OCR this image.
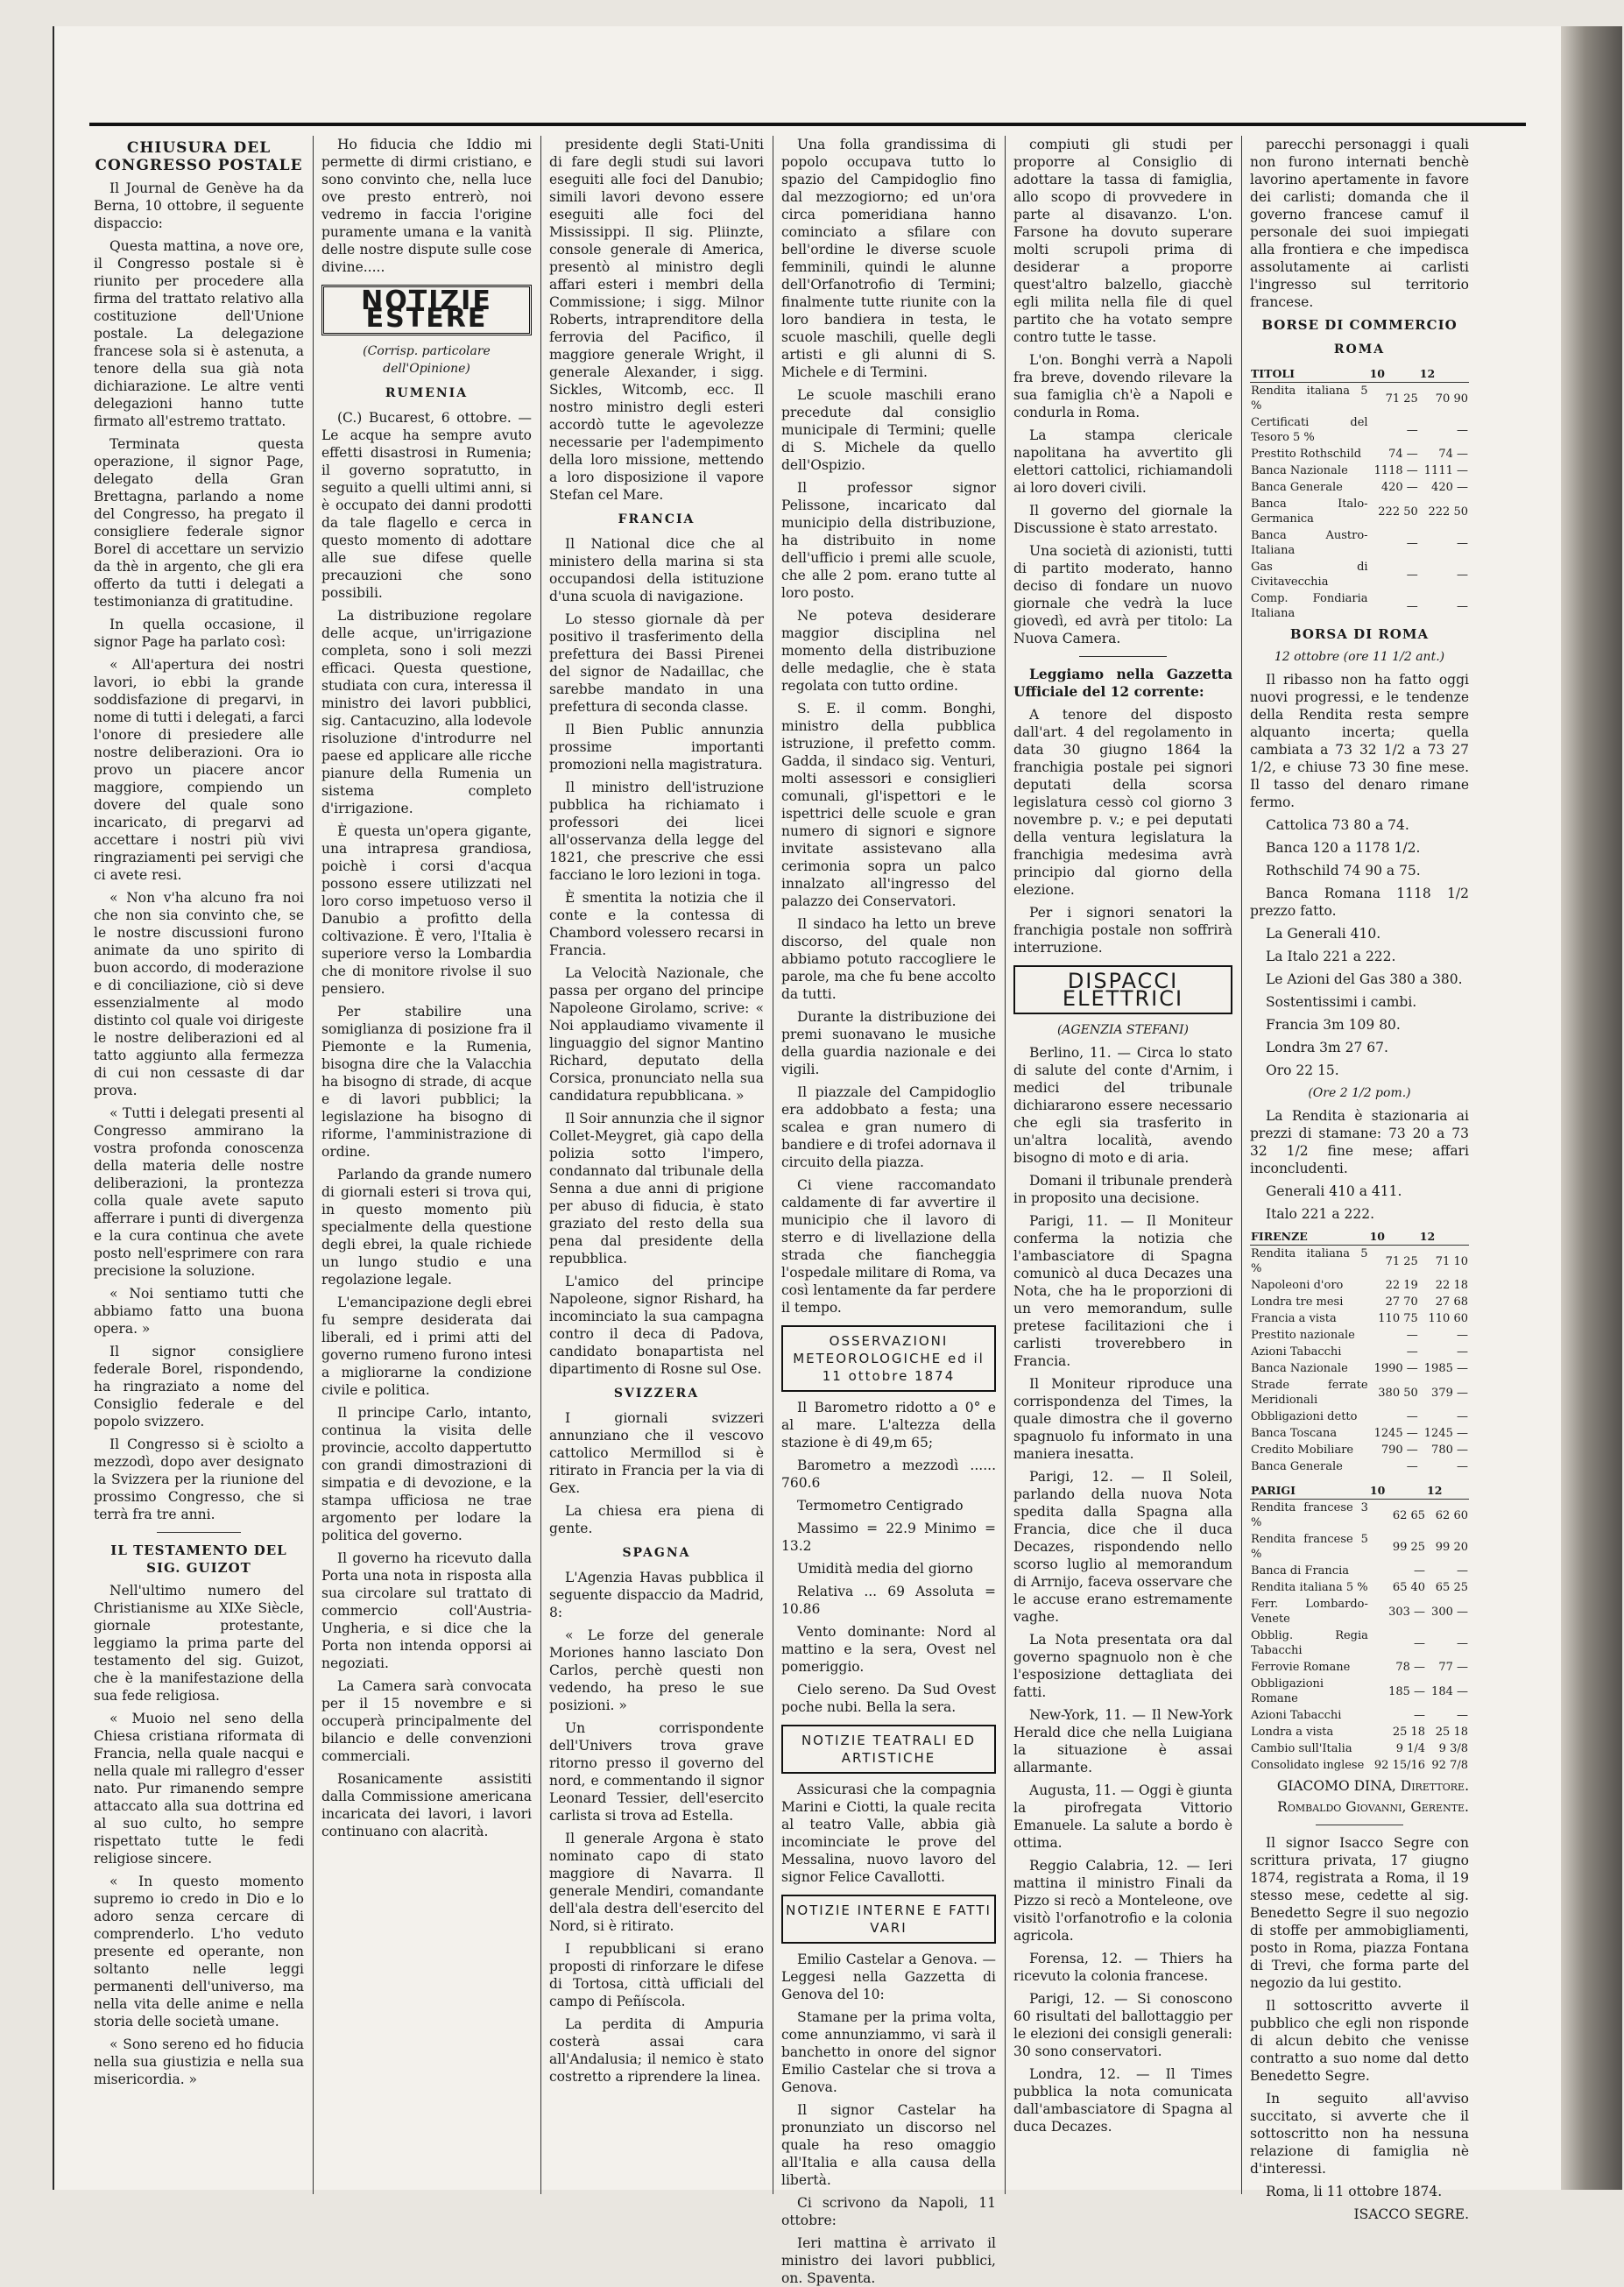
CHIUSURA DEL CONGRESSO POSTALE

Il Journal de Genève ha da Berna, 10 ottobre, il seguente dispaccio:

Questa mattina, a nove ore, il Congresso postale si è riunito per procedere alla firma del trattato relativo alla costituzione dell'Unione postale. La delegazione francese sola si è astenuta, a tenore della sua già nota dichiarazione. Le altre venti delegazioni hanno tutte firmato all'estremo trattato.

Terminata questa operazione, il signor Page, delegato della Gran Brettagna, parlando a nome del Congresso, ha pregato il consigliere federale signor Borel di accettare un servizio da thè in argento, che gli era offerto da tutti i delegati a testimonianza di gratitudine.

In quella occasione, il signor Page ha parlato così:

« All'apertura dei nostri lavori, io ebbi la grande soddisfazione di pregarvi, in nome di tutti i delegati, a farci l'onore di presiedere alle nostre deliberazioni. Ora io provo un piacere ancor maggiore, compiendo un dovere del quale sono incaricato, di pregarvi ad accettare i nostri più vivi ringraziamenti pei servigi che ci avete resi.

« Non v'ha alcuno fra noi che non sia convinto che, se le nostre discussioni furono animate da uno spirito di buon accordo, di moderazione e di conciliazione, ciò si deve essenzialmente al modo distinto col quale voi dirigeste le nostre deliberazioni ed al tatto aggiunto alla fermezza di cui non cessaste di dar prova.

« Tutti i delegati presenti al Congresso ammirano la vostra profonda conoscenza della materia delle nostre deliberazioni, la prontezza colla quale avete saputo afferrare i punti di divergenza e la cura continua che avete posto nell'esprimere con rara precisione la soluzione.

« Noi sentiamo tutti che abbiamo fatto una buona opera. »

Il signor consigliere federale Borel, rispondendo, ha ringraziato a nome del Consiglio federale e del popolo svizzero.

Il Congresso si è sciolto a mezzodì, dopo aver designato la Svizzera per la riunione del prossimo Congresso, che si terrà fra tre anni.

IL TESTAMENTO DEL SIG. GUIZOT

Nell'ultimo numero del Christianisme au XIXe Siècle, giornale protestante, leggiamo la prima parte del testamento del sig. Guizot, che è la manifestazione della sua fede religiosa.

« Muoio nel seno della Chiesa cristiana riformata di Francia, nella quale nacqui e nella quale mi rallegro d'esser nato. Pur rimanendo sempre attaccato alla sua dottrina ed al suo culto, ho sempre rispettato tutte le fedi religiose sincere.

« In questo momento supremo io credo in Dio e lo adoro senza cercare di comprenderlo. L'ho veduto presente ed operante, non soltanto nelle leggi permanenti dell'universo, ma nella vita delle anime e nella storia delle società umane.

« Sono sereno ed ho fiducia nella sua giustizia e nella sua misericordia. »

Ho fiducia che Iddio mi permette di dirmi cristiano, e sono convinto che, nella luce ove presto entrerò, noi vedremo in faccia l'origine puramente umana e la vanità delle nostre dispute sulle cose divine.....

NOTIZIE ESTERE
(Corrisp. particolare dell'Opinione)
RUMENIA

(C.) Bucarest, 6 ottobre. — Le acque ha sempre avuto effetti disastrosi in Rumenia; il governo sopratutto, in seguito a quelli ultimi anni, si è occupato dei danni prodotti da tale flagello e cerca in questo momento di adottare alle sue difese quelle precauzioni che sono possibili.

La distribuzione regolare delle acque, un'irrigazione completa, sono i soli mezzi efficaci. Questa questione, studiata con cura, interessa il ministro dei lavori pubblici, sig. Cantacuzino, alla lodevole risoluzione d'introdurre nel paese ed applicare alle ricche pianure della Rumenia un sistema completo d'irrigazione.

È questa un'opera gigante, una intrapresa grandiosa, poichè i corsi d'acqua possono essere utilizzati nel loro corso impetuoso verso il Danubio a profitto della coltivazione. È vero, l'Italia è superiore verso la Lombardia che di monitore rivolse il suo pensiero.

Per stabilire una somiglianza di posizione fra il Piemonte e la Rumenia, bisogna dire che la Valacchia ha bisogno di strade, di acque e di lavori pubblici; la legislazione ha bisogno di riforme, l'amministrazione di ordine.

Parlando da grande numero di giornali esteri si trova qui, in questo momento più specialmente della questione degli ebrei, la quale richiede un lungo studio e una regolazione legale.

L'emancipazione degli ebrei fu sempre desiderata dai liberali, ed i primi atti del governo rumeno furono intesi a migliorarne la condizione civile e politica.

Il principe Carlo, intanto, continua la visita delle provincie, accolto dappertutto con grandi dimostrazioni di simpatia e di devozione, e la stampa ufficiosa ne trae argomento per lodare la politica del governo.

Il governo ha ricevuto dalla Porta una nota in risposta alla sua circolare sul trattato di commercio coll'Austria-Ungheria, e si dice che la Porta non intenda opporsi ai negoziati.

La Camera sarà convocata per il 15 novembre e si occuperà principalmente del bilancio e delle convenzioni commerciali.

Rosanicamente assistiti dalla Commissione americana incaricata dei lavori, i lavori continuano con alacrità.

presidente degli Stati-Uniti di fare degli studi sui lavori eseguiti alle foci del Danubio; simili lavori devono essere eseguiti alle foci del Mississippi. Il sig. Pliinzte, console generale di America, presentò al ministro degli affari esteri i membri della Commissione; i sigg. Milnor Roberts, intraprenditore della ferrovia del Pacifico, il maggiore generale Wright, il generale Alexander, i sigg. Sickles, Witcomb, ecc. Il nostro ministro degli esteri accordò tutte le agevolezze necessarie per l'adempimento della loro missione, mettendo a loro disposizione il vapore Stefan cel Mare.

FRANCIA

Il National dice che al ministero della marina si sta occupandosi della istituzione d'una scuola di navigazione.

Lo stesso giornale dà per positivo il trasferimento della prefettura dei Bassi Pirenei del signor de Nadaillac, che sarebbe mandato in una prefettura di seconda classe.

Il Bien Public annunzia prossime importanti promozioni nella magistratura.

Il ministro dell'istruzione pubblica ha richiamato i professori dei licei all'osservanza della legge del 1821, che prescrive che essi facciano le loro lezioni in toga.

È smentita la notizia che il conte e la contessa di Chambord volessero recarsi in Francia.

La Velocità Nazionale, che passa per organo del principe Napoleone Girolamo, scrive: « Noi applaudiamo vivamente il linguaggio del signor Mantino Richard, deputato della Corsica, pronunciato nella sua candidatura repubblicana. »

Il Soir annunzia che il signor Collet-Meygret, già capo della polizia sotto l'impero, condannato dal tribunale della Senna a due anni di prigione per abuso di fiducia, è stato graziato del resto della sua pena dal presidente della repubblica.

L'amico del principe Napoleone, signor Rishard, ha incominciato la sua campagna contro il deca di Padova, candidato bonapartista nel dipartimento di Rosne sul Ose.

SVIZZERA

I giornali svizzeri annunziano che il vescovo cattolico Mermillod si è ritirato in Francia per la via di Gex.

La chiesa era piena di gente.

SPAGNA

L'Agenzia Havas pubblica il seguente dispaccio da Madrid, 8:

« Le forze del generale Moriones hanno lasciato Don Carlos, perchè questi non vedendo, ha preso le sue posizioni. »

Un corrispondente dell'Univers trova grave ritorno presso il governo del nord, e commentando il signor Leonard Tessier, dell'esercito carlista si trova ad Estella.

Il generale Argona è stato nominato capo di stato maggiore di Navarra. Il generale Mendiri, comandante dell'ala destra dell'esercito del Nord, si è ritirato.

I repubblicani si erano proposti di rinforzare le difese di Tortosa, città ufficiali del campo di Peñíscola.

La perdita di Ampuria costerà assai cara all'Andalusia; il nemico è stato costretto a riprendere la linea.

Una folla grandissima di popolo occupava tutto lo spazio del Campidoglio fino dal mezzogiorno; ed un'ora circa pomeridiana hanno cominciato a sfilare con bell'ordine le diverse scuole femminili, quindi le alunne dell'Orfanotrofio di Termini; finalmente tutte riunite con la loro bandiera in testa, le scuole maschili, quelle degli artisti e gli alunni di S. Michele e di Termini.

Le scuole maschili erano precedute dal consiglio municipale di Termini; quelle di S. Michele da quello dell'Ospizio.

Il professor signor Pelissone, incaricato dal municipio della distribuzione, ha distribuito in nome dell'ufficio i premi alle scuole, che alle 2 pom. erano tutte al loro posto.

Ne poteva desiderare maggior disciplina nel momento della distribuzione delle medaglie, che è stata regolata con tutto ordine.

S. E. il comm. Bonghi, ministro della pubblica istruzione, il prefetto comm. Gadda, il sindaco sig. Venturi, molti assessori e consiglieri comunali, gl'ispettori e le ispettrici delle scuole e gran numero di signori e signore invitate assistevano alla cerimonia sopra un palco innalzato all'ingresso del palazzo dei Conservatori.

Il sindaco ha letto un breve discorso, del quale non abbiamo potuto raccogliere le parole, ma che fu bene accolto da tutti.

Durante la distribuzione dei premi suonavano le musiche della guardia nazionale e dei vigili.

Il piazzale del Campidoglio era addobbato a festa; una scalea e gran numero di bandiere e di trofei adornava il circuito della piazza.

Ci viene raccomandato caldamente di far avvertire il municipio che il lavoro di sterro e di livellazione della strada che fiancheggia l'ospedale militare di Roma, va così lentamente da far perdere il tempo.

OSSERVAZIONI METEOROLOGICHE ed il 11 ottobre 1874

Il Barometro ridotto a 0° e al mare. L'altezza della stazione è di 49,m 65;

Barometro a mezzodì ...... 760.6

Termometro Centigrado

Massimo = 22.9 Minimo = 13.2

Umidità media del giorno

Relativa ... 69 Assoluta = 10.86

Vento dominante: Nord al mattino e la sera, Ovest nel pomeriggio.

Cielo sereno. Da Sud Ovest poche nubi. Bella la sera.

NOTIZIE TEATRALI ED ARTISTICHE

Assicurasi che la compagnia Marini e Ciotti, la quale recita al teatro Valle, abbia già incominciate le prove del Messalina, nuovo lavoro del signor Felice Cavallotti.

NOTIZIE INTERNE E FATTI VARI

Emilio Castelar a Genova. — Leggesi nella Gazzetta di Genova del 10:

Stamane per la prima volta, come annunziammo, vi sarà il banchetto in onore del signor Emilio Castelar che si trova a Genova.

Il signor Castelar ha pronunziato un discorso nel quale ha reso omaggio all'Italia e alla causa della libertà.

Ci scrivono da Napoli, 11 ottobre:

Ieri mattina è arrivato il ministro dei lavori pubblici, on. Spaventa.

compiuti gli studi per proporre al Consiglio di adottare la tassa di famiglia, allo scopo di provvedere in parte al disavanzo. L'on. Farsone ha dovuto superare molti scrupoli prima di desiderar a proporre quest'altro balzello, giacchè egli milita nella file di quel partito che ha votato sempre contro tutte le tasse.

L'on. Bonghi verrà a Napoli fra breve, dovendo rilevare la sua famiglia ch'è a Napoli e condurla in Roma.

La stampa clericale napolitana ha avvertito gli elettori cattolici, richiamandoli ai loro doveri civili.

Il governo del giornale la Discussione è stato arrestato.

Una società di azionisti, tutti di partito moderato, hanno deciso di fondare un nuovo giornale che vedrà la luce giovedì, ed avrà per titolo: La Nuova Camera.

Leggiamo nella Gazzetta Ufficiale del 12 corrente:

A tenore del disposto dall'art. 4 del regolamento in data 30 giugno 1864 la franchigia postale pei signori deputati della scorsa legislatura cessò col giorno 3 novembre p. v.; e pei deputati della ventura legislatura la franchigia medesima avrà principio dal giorno della elezione.

Per i signori senatori la franchigia postale non soffrirà interruzione.

DISPACCI ELETTRICI
(AGENZIA STEFANI)

Berlino, 11. — Circa lo stato di salute del conte d'Arnim, i medici del tribunale dichiararono essere necessario che egli sia trasferito in un'altra località, avendo bisogno di moto e di aria.

Domani il tribunale prenderà in proposito una decisione.

Parigi, 11. — Il Moniteur conferma la notizia che l'ambasciatore di Spagna comunicò al duca Decazes una Nota, che ha le proporzioni di un vero memorandum, sulle pretese facilitazioni che i carlisti troverebbero in Francia.

Il Moniteur riproduce una corrispondenza del Times, la quale dimostra che il governo spagnuolo fu informato in una maniera inesatta.

Parigi, 12. — Il Soleil, parlando della nuova Nota spedita dalla Spagna alla Francia, dice che il duca Decazes, rispondendo nello scorso luglio al memorandum di Arrnijo, faceva osservare che le accuse erano estremamente vaghe.

La Nota presentata ora dal governo spagnuolo non è che l'esposizione dettagliata dei fatti.

New-York, 11. — Il New-York Herald dice che nella Luigiana la situazione è assai allarmante.

Augusta, 11. — Oggi è giunta la pirofregata Vittorio Emanuele. La salute a bordo è ottima.

Reggio Calabria, 12. — Ieri mattina il ministro Finali da Pizzo si recò a Monteleone, ove visitò l'orfanotrofio e la colonia agricola.

Forensa, 12. — Thiers ha ricevuto la colonia francese.

Parigi, 12. — Si conoscono 60 risultati del ballottaggio per le elezioni dei consigli generali: 30 sono conservatori.

Londra, 12. — Il Times pubblica la nota comunicata dall'ambasciatore di Spagna al duca Decazes.

parecchi personaggi i quali non furono internati benchè lavorino apertamente in favore dei carlisti; domanda che il governo francese camuf il personale dei suoi impiegati alla frontiera e che impedisca assolutamente ai carlisti l'ingresso sul territorio francese.

BORSE DI COMMERCIO
ROMA
TITOLI	10	12
Rendita italiana 5 %	71 25	70 90
Certificati del Tesoro 5 %	—	—
Prestito Rothschild	74 —	74 —
Banca Nazionale	1118 —	1111 —
Banca Generale	420 —	420 —
Banca Italo-Germanica	222 50	222 50
Banca Austro-Italiana	—	—
Gas di Civitavecchia	—	—
Comp. Fondiaria Italiana	—	—
BORSA DI ROMA
12 ottobre (ore 11 1/2 ant.)

Il ribasso non ha fatto oggi nuovi progressi, e le tendenze della Rendita resta sempre alquanto incerta; quella cambiata a 73 32 1/2 a 73 27 1/2, e chiuse 73 30 fine mese. Il tasso del denaro rimane fermo.

Cattolica 73 80 a 74.

Banca 120 a 1178 1/2.

Rothschild 74 90 a 75.

Banca Romana 1118 1/2 prezzo fatto.

La Generali 410.

La Italo 221 a 222.

Le Azioni del Gas 380 a 380.

Sostentissimi i cambi.

Francia 3m 109 80.

Londra 3m 27 67.

Oro 22 15.

(Ore 2 1/2 pom.)

La Rendita è stazionaria ai prezzi di stamane: 73 20 a 73 32 1/2 fine mese; affari inconcludenti.

Generali 410 a 411.

Italo 221 a 222.

FIRENZE	10	12
Rendita italiana 5 %	71 25	71 10
Napoleoni d'oro	22 19	22 18
Londra tre mesi	27 70	27 68
Francia a vista	110 75	110 60
Prestito nazionale	—	—
Azioni Tabacchi	—	—
Banca Nazionale	1990 —	1985 —
Strade ferrate Meridionali	380 50	379 —
Obbligazioni detto	—	—
Banca Toscana	1245 —	1245 —
Credito Mobiliare	790 —	780 —
Banca Generale	—	—
PARIGI	10	12
Rendita francese 3 %	62 65	62 60
Rendita francese 5 %	99 25	99 20
Banca di Francia	—	—
Rendita italiana 5 %	65 40	65 25
Ferr. Lombardo-Venete	303 —	300 —
Obblig. Regia Tabacchi	—	—
Ferrovie Romane	78 —	77 —
Obbligazioni Romane	185 —	184 —
Azioni Tabacchi	—	—
Londra a vista	25 18	25 18
Cambio sull'Italia	9 1/4	9 3/8
Consolidato inglese	92 15/16	92 7/8
GIACOMO DINA, Direttore.
Rombaldo Giovanni, Gerente.

Il signor Isacco Segre con scrittura privata, 17 giugno 1874, registrata a Roma, il 19 stesso mese, cedette al sig. Benedetto Segre il suo negozio di stoffe per ammobigliamenti, posto in Roma, piazza Fontana di Trevi, che forma parte del negozio da lui gestito.

Il sottoscritto avverte il pubblico che egli non risponde di alcun debito che venisse contratto a suo nome dal detto Benedetto Segre.

In seguito all'avviso succitato, si avverte che il sottoscritto non ha nessuna relazione di famiglia nè d'interessi.

Roma, li 11 ottobre 1874.

ISACCO SEGRE.
